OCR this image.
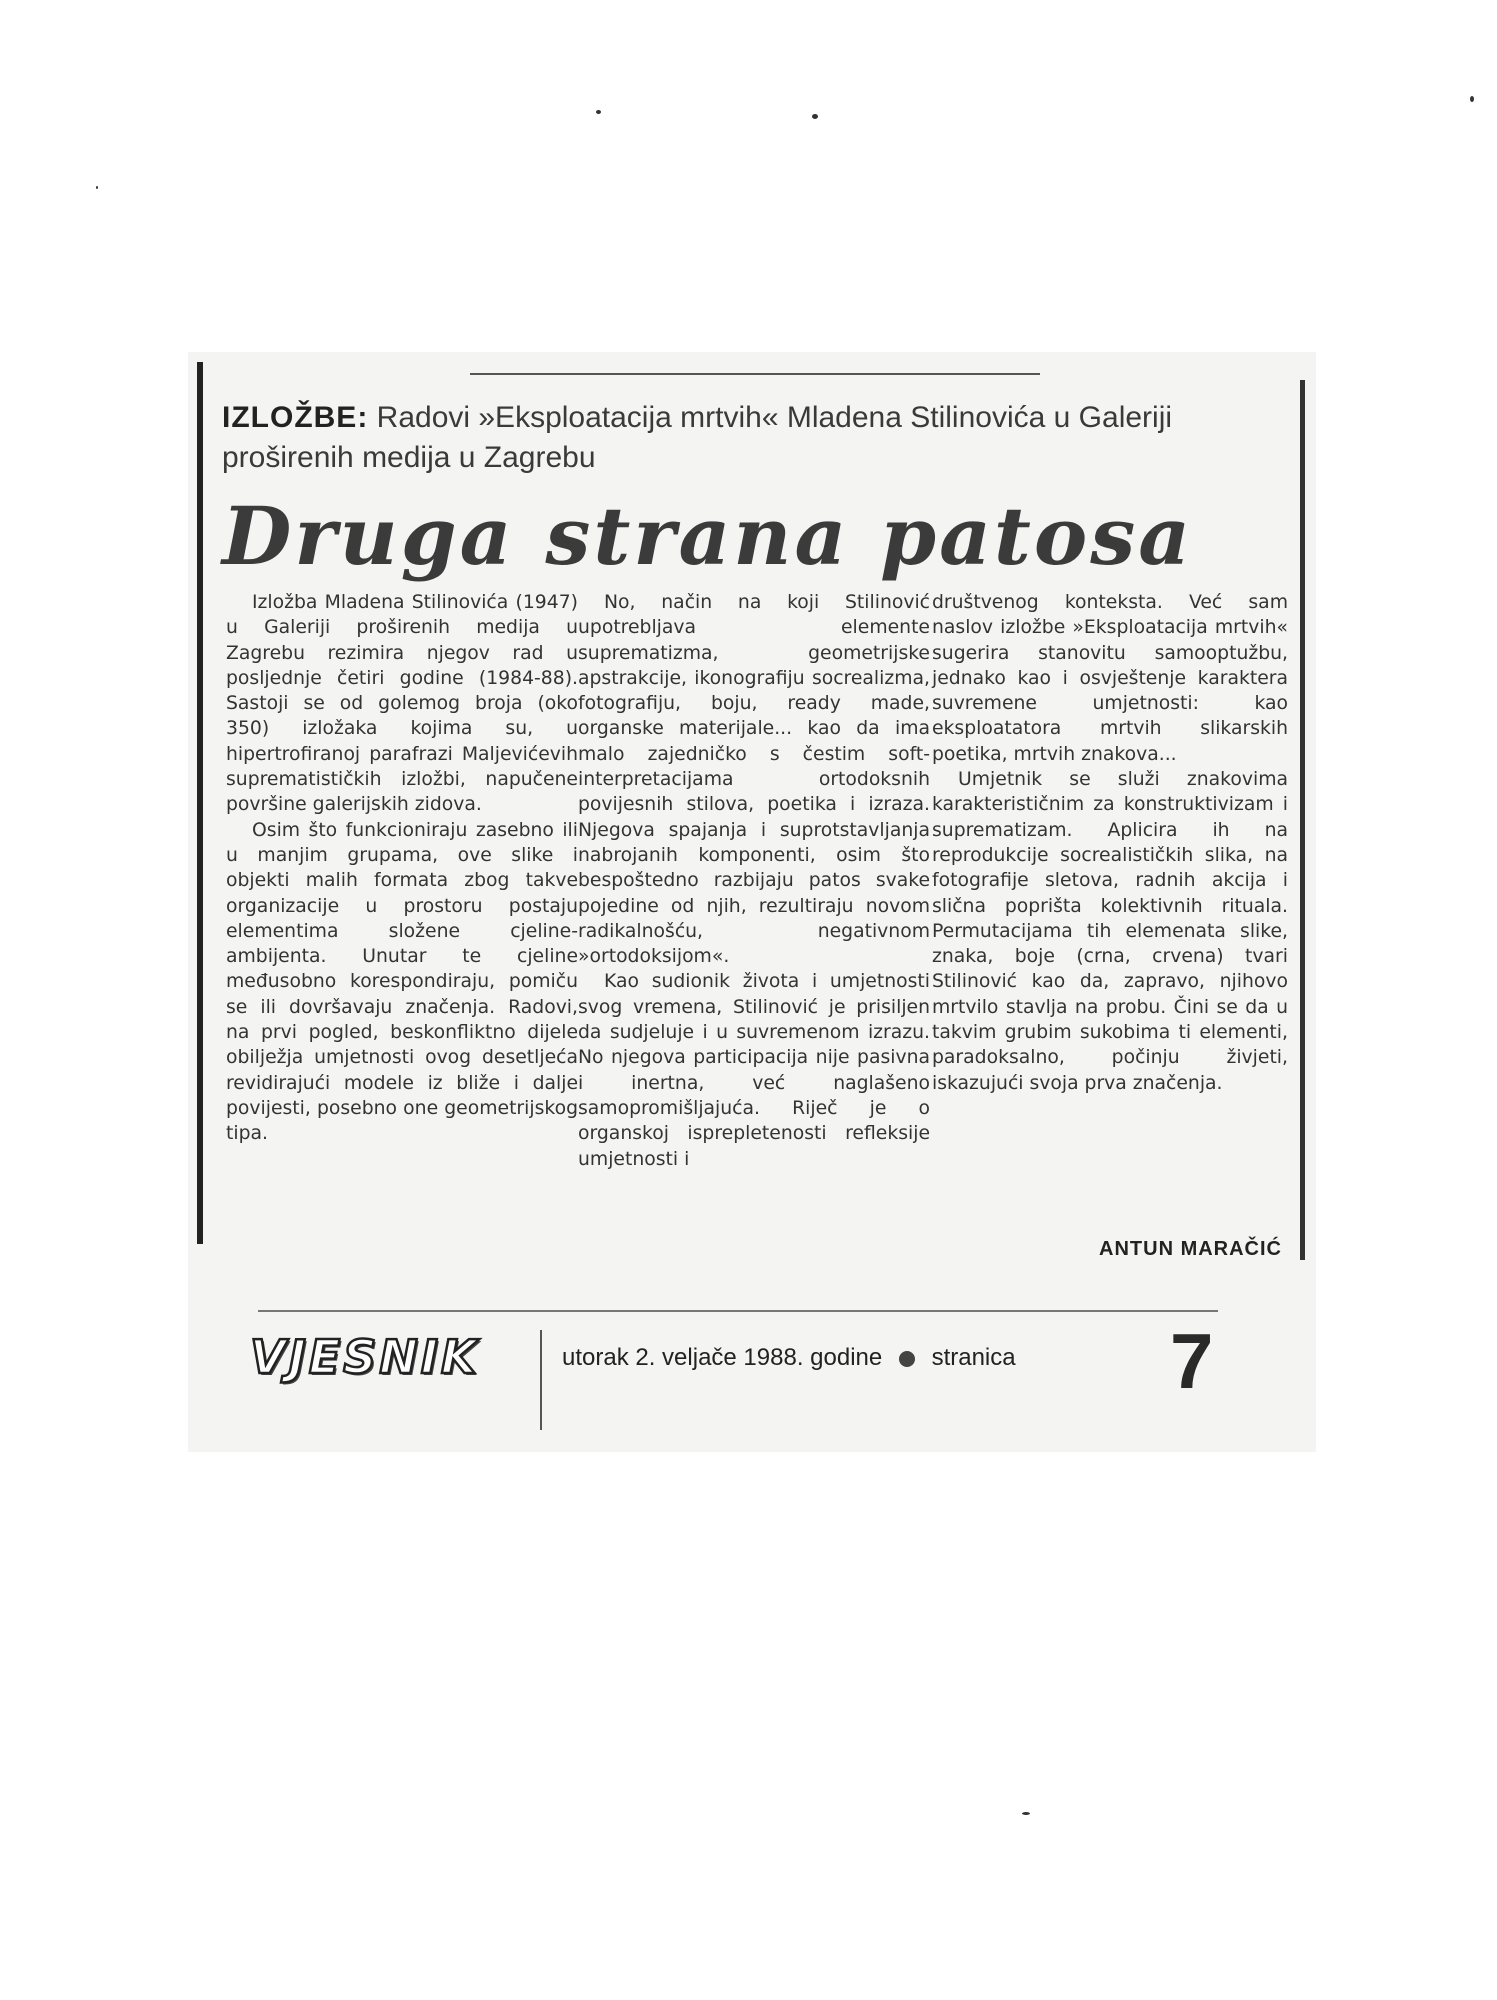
IZLOŽBE: Radovi »Eksploatacija mrtvih« Mladena Stilinovića u Galeriji proširenih medija u Zagrebu
Druga strana patosa

Izložba Mladena Stilinovića (1947) u Galeriji proširenih medija u Zagrebu rezimira njegov rad u posljednje četiri godine (1984-88). Sastoji se od golemog broja (oko 350) izložaka kojima su, u hipertrofiranoj parafrazi Maljevićevih suprematističkih izložbi, napučene površine galerijskih zidova.

Osim što funkcioniraju zasebno ili u manjim grupama, ove slike i objekti malih formata zbog takve organizacije u prostoru postaju elementima složene cjeline-ambijenta. Unutar te cjeline međusobno korespondiraju, pomiču se ili dovršavaju značenja. Radovi, na prvi pogled, beskonfliktno dijele obilježja umjetnosti ovog desetljeća revidirajući modele iz bliže i dalje povijesti, posebno one geometrijskog tipa.

No, način na koji Stilinović upotrebljava elemente suprematizma, geometrijske apstrakcije, ikonografiju socrealizma, fotografiju, boju, ready made, organske materijale... kao da ima malo zajedničko s čestim soft-interpretacijama ortodoksnih povijesnih stilova, poetika i izraza. Njegova spajanja i suprotstavljanja nabrojanih komponenti, osim što bespoštedno razbijaju patos svake pojedine od njih, rezultiraju novom radikalnošću, negativnom »ortodoksijom«.

Kao sudionik života i umjetnosti svog vremena, Stilinović je prisiljen da sudjeluje i u suvremenom izrazu. No njegova participacija nije pasivna i inertna, već naglašeno samopromišljajuća. Riječ je o organskoj isprepletenosti refleksije umjetnosti i

društvenog konteksta. Već sam naslov izložbe »Eksploatacija mrtvih« sugerira stanovitu samooptužbu, jednako kao i osvještenje karaktera suvremene umjetnosti: kao eksploatatora mrtvih slikarskih poetika, mrtvih znakova...

Umjetnik se služi znakovima karakterističnim za konstruktivizam i suprematizam. Aplicira ih na reprodukcije socrealističkih slika, na fotografije sletova, radnih akcija i slična poprišta kolektivnih rituala. Permutacijama tih elemenata slike, znaka, boje (crna, crvena) tvari Stilinović kao da, zapravo, njihovo mrtvilo stavlja na probu. Čini se da u takvim grubim sukobima ti elementi, paradoksalno, počinju živjeti, iskazujući svoja prva značenja.

ANTUN MARAČIĆ
VJESNIK	utorak 2. veljače 1988. godine stranica 7
